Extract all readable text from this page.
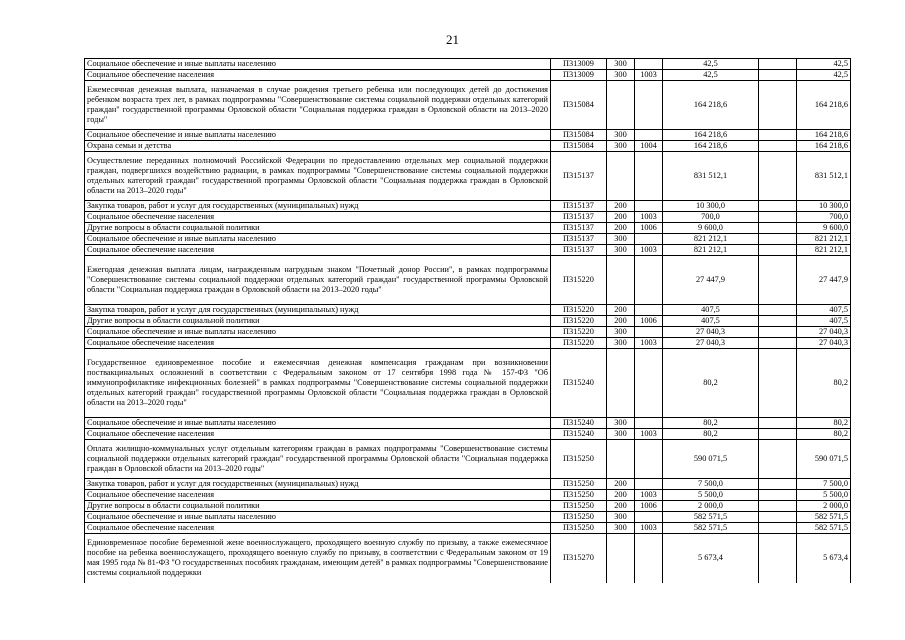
21
Социальное обеспечение и иные выплаты населению	П313009	300		42,5		42,5
Социальное обеспечение населения	П313009	300	1003	42,5		42,5
Ежемесячная денежная выплата, назначаемая в случае рождения третьего ребенка или последующих детей до достижения ребенком возраста трех лет, в рамках подпрограммы "Совершенствование системы социальной поддержки отдельных категорий граждан" государственной программы Орловской области "Социальная поддержка граждан в Орловской области на 2013–2020 годы"	П315084			164 218,6		164 218,6
Социальное обеспечение и иные выплаты населению	П315084	300		164 218,6		164 218,6
Охрана семьи и детства	П315084	300	1004	164 218,6		164 218,6
Осуществление переданных полномочий Российской Федерации по предоставлению отдельных мер социальной поддержки граждан, подвергшихся воздействию радиации, в рамках подпрограммы "Совершенствование системы социальной поддержки отдельных категорий граждан" государственной программы Орловской области "Социальная поддержка граждан в Орловской области на 2013–2020 годы"	П315137			831 512,1		831 512,1
Закупка товаров, работ и услуг для государственных (муниципальных) нужд	П315137	200		10 300,0		10 300,0
Социальное обеспечение населения	П315137	200	1003	700,0		700,0
Другие вопросы в области социальной политики	П315137	200	1006	9 600,0		9 600,0
Социальное обеспечение и иные выплаты населению	П315137	300		821 212,1		821 212,1
Социальное обеспечение населения	П315137	300	1003	821 212,1		821 212,1
Ежегодная денежная выплата лицам, награжденным нагрудным знаком "Почетный донор России", в рамках подпрограммы "Совершенствование системы социальной поддержки отдельных категорий граждан" государственной программы Орловской области "Социальная поддержка граждан в Орловской области на 2013–2020 годы"	П315220			27 447,9		27 447,9
Закупка товаров, работ и услуг для государственных (муниципальных) нужд	П315220	200		407,5		407,5
Другие вопросы в области социальной политики	П315220	200	1006	407,5		407,5
Социальное обеспечение и иные выплаты населению	П315220	300		27 040,3		27 040,3
Социальное обеспечение населения	П315220	300	1003	27 040,3		27 040,3
Государственное единовременное пособие и ежемесячная денежная компенсация гражданам при возникновении поствакцинальных осложнений в соответствии с Федеральным законом от 17 сентября 1998 года № 157-ФЗ "Об иммунопрофилактике инфекционных болезней" в рамках подпрограммы "Совершенствование системы социальной поддержки отдельных категорий граждан" государственной программы Орловской области "Социальная поддержка граждан в Орловской области на 2013–2020 годы"	П315240			80,2		80,2
Социальное обеспечение и иные выплаты населению	П315240	300		80,2		80,2
Социальное обеспечение населения	П315240	300	1003	80,2		80,2
Оплата жилищно-коммунальных услуг отдельным категориям граждан в рамках подпрограммы "Совершенствование системы социальной поддержки отдельных категорий граждан" государственной программы Орловской области "Социальная поддержка граждан в Орловской области на 2013–2020 годы"	П315250			590 071,5		590 071,5
Закупка товаров, работ и услуг для государственных (муниципальных) нужд	П315250	200		7 500,0		7 500,0
Социальное обеспечение населения	П315250	200	1003	5 500,0		5 500,0
Другие вопросы в области социальной политики	П315250	200	1006	2 000,0		2 000,0
Социальное обеспечение и иные выплаты населению	П315250	300		582 571,5		582 571,5
Социальное обеспечение населения	П315250	300	1003	582 571,5		582 571,5
Единовременное пособие беременной жене военнослужащего, проходящего военную службу по призыву, а также ежемесячное пособие на ребенка военнослужащего, проходящего военную службу по призыву, в соответствии с Федеральным законом от 19 мая 1995 года № 81-ФЗ "О государственных пособиях гражданам, имеющим детей" в рамках подпрограммы "Совершенствование системы социальной поддержки	П315270			5 673,4		5 673,4
